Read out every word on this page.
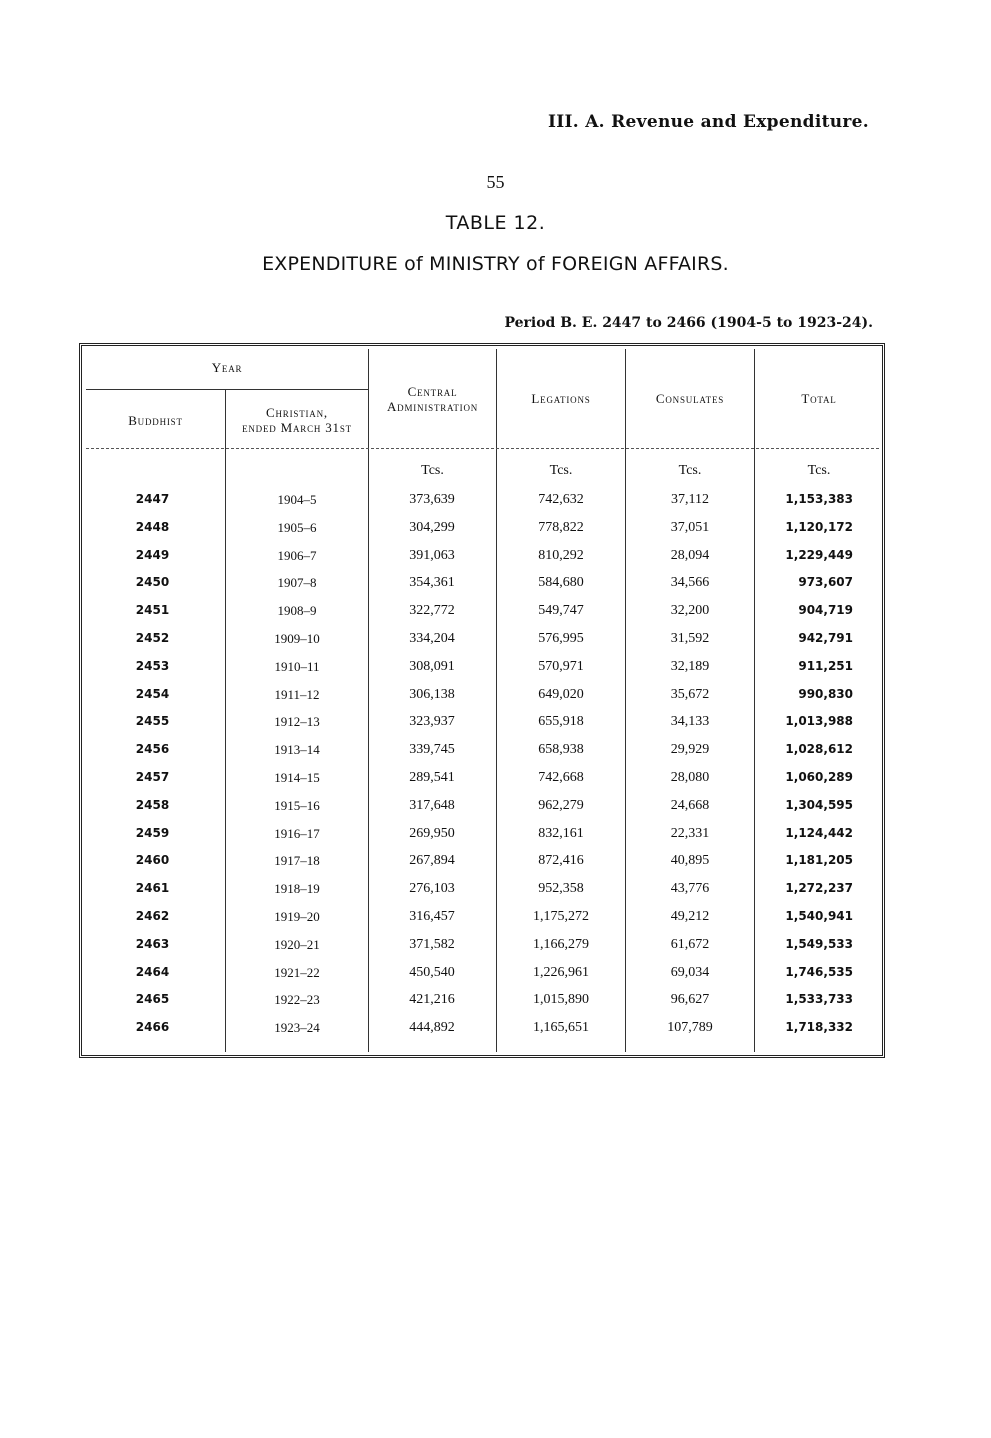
III. A. Revenue and Expenditure.
55
TABLE 12.
EXPENDITURE of MINISTRY of FOREIGN AFFAIRS.
Period B. E. 2447 to 2466 (1904-5 to 1923-24).
Year
Buddhist
Christian,
ended March 31st
Central
Administration
Legations	Consulates	Total
Tcs.	Tcs.	Tcs.	Tcs.
2447	1904–5	373,639	742,632	37,112	1,153,383
2448	1905–6	304,299	778,822	37,051	1,120,172
2449	1906–7	391,063	810,292	28,094	1,229,449
2450	1907–8	354,361	584,680	34,566	973,607
2451	1908–9	322,772	549,747	32,200	904,719
2452	1909–10	334,204	576,995	31,592	942,791
2453	1910–11	308,091	570,971	32,189	911,251
2454	1911–12	306,138	649,020	35,672	990,830
2455	1912–13	323,937	655,918	34,133	1,013,988
2456	1913–14	339,745	658,938	29,929	1,028,612
2457	1914–15	289,541	742,668	28,080	1,060,289
2458	1915–16	317,648	962,279	24,668	1,304,595
2459	1916–17	269,950	832,161	22,331	1,124,442
2460	1917–18	267,894	872,416	40,895	1,181,205
2461	1918–19	276,103	952,358	43,776	1,272,237
2462	1919–20	316,457	1,175,272	49,212	1,540,941
2463	1920–21	371,582	1,166,279	61,672	1,549,533
2464	1921–22	450,540	1,226,961	69,034	1,746,535
2465	1922–23	421,216	1,015,890	96,627	1,533,733
2466	1923–24	444,892	1,165,651	107,789	1,718,332
